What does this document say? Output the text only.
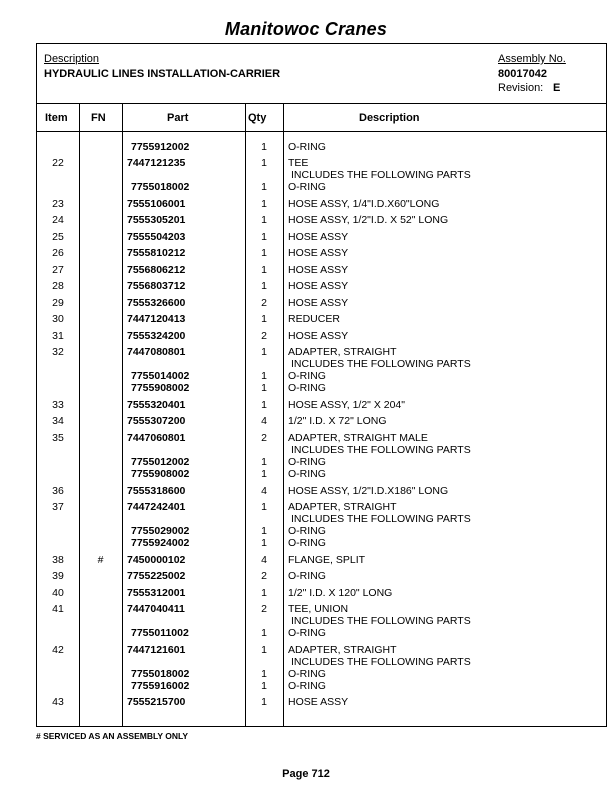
Manitowoc Cranes
Description
HYDRAULIC LINES INSTALLATION-CARRIER
Assembly No.
80017042
Revision: E
Item FN	Part	Qty	Description
7755912002	1	O-RING
22	7447121235	1	TEE
INCLUDES THE FOLLOWING PARTS
7755018002	1	O-RING
23	7555106001	1	HOSE ASSY, 1/4"I.D.X60"LONG
24	7555305201	1	HOSE ASSY, 1/2"I.D. X 52" LONG
25	7555504203	1	HOSE ASSY
26	7555810212	1	HOSE ASSY
27	7556806212	1	HOSE ASSY
28	7556803712	1	HOSE ASSY
29	7555326600	2	HOSE ASSY
30	7447120413	1	REDUCER
31	7555324200	2	HOSE ASSY
32	7447080801	1	ADAPTER, STRAIGHT
INCLUDES THE FOLLOWING PARTS
7755014002	1	O-RING
7755908002	1	O-RING
33	7555320401	1	HOSE ASSY, 1/2" X 204"
34	7555307200	4	1/2" I.D. X 72" LONG
35	7447060801	2	ADAPTER, STRAIGHT MALE
INCLUDES THE FOLLOWING PARTS
7755012002	1	O-RING
7755908002	1	O-RING
36	7555318600	4	HOSE ASSY, 1/2"I.D.X186" LONG
37	7447242401	1	ADAPTER, STRAIGHT
INCLUDES THE FOLLOWING PARTS
7755029002	1	O-RING
7755924002	1	O-RING
38	#	7450000102	4	FLANGE, SPLIT
39	7755225002	2	O-RING
40	7555312001	1	1/2" I.D. X 120" LONG
41	7447040411	2	TEE, UNION
INCLUDES THE FOLLOWING PARTS
7755011002	1	O-RING
42	7447121601	1	ADAPTER, STRAIGHT
INCLUDES THE FOLLOWING PARTS
7755018002	1	O-RING
7755916002	1	O-RING
43	7555215700	1	HOSE ASSY
# SERVICED AS AN ASSEMBLY ONLY
Page 712
